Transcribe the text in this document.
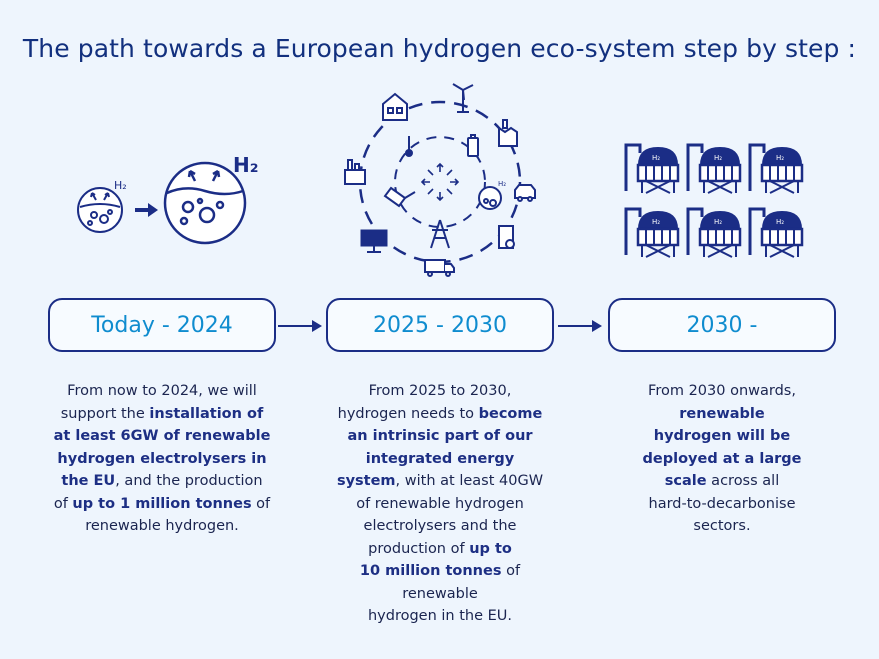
The path towards a European hydrogen eco-system step by step :
H₂
H₂
H₂
H₂	H₂	H₂
H₂	H₂	H₂
Today - 2024	2025 - 2030	2030 -
From now to 2024, we will
support the installation of
at least 6GW of renewable
hydrogen electrolysers in
the EU, and the production
of up to 1 million tonnes of
renewable hydrogen.
From 2025 to 2030,
hydrogen needs to become
an intrinsic part of our
integrated energy
system, with at least 40GW
of renewable hydrogen
electrolysers and the
production of up to
10 million tonnes of
renewable
hydrogen in the EU.
From 2030 onwards,
renewable
hydrogen will be
deployed at a large
scale across all
hard-to-decarbonise
sectors.
